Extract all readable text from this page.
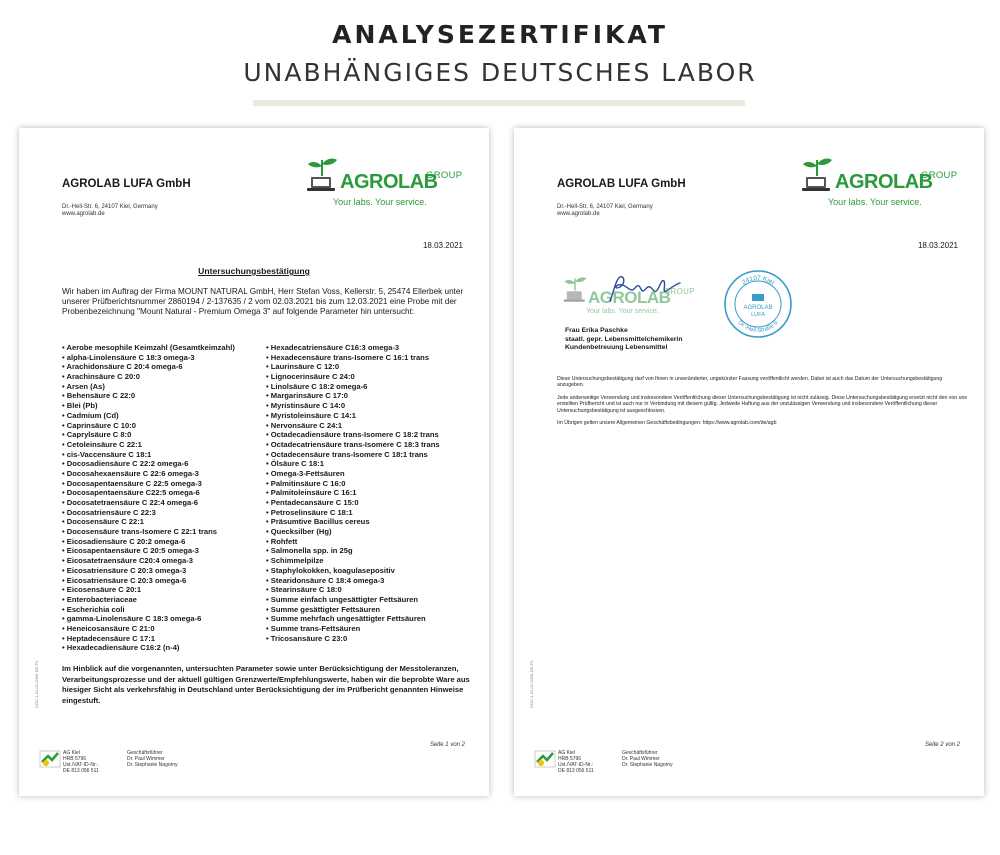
ANALYSEZERTIFIKAT
UNABHÄNGIGES DEUTSCHES LABOR
AGROLAB LUFA GmbH
Dr.-Hell-Str. 6, 24107 Kiel, Germany
www.agrolab.de
AGROLAB
GROUP
Your labs. Your service.
18.03.2021
Untersuchungsbestätigung
Wir haben im Auftrag der Firma MOUNT NATURAL GmbH, Herr Stefan Voss, Kellerstr. 5, 25474 Ellerbek unter unserer Prüfberichtsnummer 2860194 / 2-137635 / 2 vom 02.03.2021 bis zum 12.03.2021 eine Probe mit der Probenbezeichnung "Mount Natural - Premium Omega 3" auf folgende Parameter hin untersucht:
• Aerobe mesophile Keimzahl (Gesamtkeimzahl)
• alpha-Linolensäure C 18:3 omega-3
• Arachidonsäure C 20:4 omega-6
• Arachinsäure C 20:0
• Arsen (As)
• Behensäure C 22:0
• Blei (Pb)
• Cadmium (Cd)
• Caprinsäure C 10:0
• Caprylsäure C 8:0
• Cetoleinsäure C 22:1
• cis-Vaccensäure C 18:1
• Docosadiensäure C 22:2 omega-6
• Docosahexaensäure C 22:6 omega-3
• Docosapentaensäure C 22:5 omega-3
• Docosapentaensäure C22:5 omega-6
• Docosatetraensäure C 22:4 omega-6
• Docosatriensäure C 22:3
• Docosensäure C 22:1
• Docosensäure trans-Isomere C 22:1 trans
• Eicosadiensäure C 20:2 omega-6
• Eicosapentaensäure C 20:5 omega-3
• Eicosatetraensäure C20:4 omega-3
• Eicosatriensäure C 20:3 omega-3
• Eicosatriensäure C 20:3 omega-6
• Eicosensäure C 20:1
• Enterobacteriaceae
• Escherichia coli
• gamma-Linolensäure C 18:3 omega-6
• Heneicosansäure C 21:0
• Heptadecensäure C 17:1
• Hexadecadiensäure C16:2 (n-4)
• Hexadecatriensäure C16:3 omega-3
• Hexadecensäure trans-Isomere C 16:1 trans
• Laurinsäure C 12:0
• Lignocerinsäure C 24:0
• Linolsäure C 18:2 omega-6
• Margarinsäure C 17:0
• Myristinsäure C 14:0
• Myristoleinsäure C 14:1
• Nervonsäure C 24:1
• Octadecadiensäure trans-Isomere C 18:2 trans
• Octadecatriensäure trans-Isomere C 18:3 trans
• Octadecensäure trans-Isomere C 18:1 trans
• Ölsäure C 18:1
• Omega-3-Fettsäuren
• Palmitinsäure C 16:0
• Palmitoleinsäure C 16:1
• Pentadecansäure C 15:0
• Petroselinsäure C 18:1
• Präsumtive Bacillus cereus
• Quecksilber (Hg)
• Rohfett
• Salmonella spp. in 25g
• Schimmelpilze
• Staphylokokken, koagulasepositiv
• Stearidonsäure C 18:4 omega-3
• Stearinsäure C 18:0
• Summe einfach ungesättigter Fettsäuren
• Summe gesättigter Fettsäuren
• Summe mehrfach ungesättigter Fettsäuren
• Summe trans-Fettsäuren
• Tricosansäure C 23:0
Im Hinblick auf die vorgenannten, untersuchten Parameter sowie unter Berücksichtigung der Messtoleranzen, Verarbeitungsprozesse und der aktuell gültigen Grenzwerte/Empfehlungswerte, haben wir die beprobte Ware aus hiesiger Sicht als verkehrsfähig in Deutschland unter Berücksichtigung der im Prüfbericht genannten Hinweise eingestuft.
DOC-1-01-01-0458-DE-P1
AG Kiel
HRB 5796
Ust./VAT-ID-Nr.:
DE 813 056 511
Geschäftsführer
Dr. Paul Wimmer
Dr. Stephanie Nagorny
Seite 1 von 2
AGROLAB LUFA GmbH
Dr.-Hell-Str. 6, 24107 Kiel, Germany
www.agrolab.de
AGROLAB
GROUP
Your labs. Your service.
18.03.2021
AGROLAB
GROUP
Your labs. Your service.
24107 Kiel
Dr.-Hell-Straße 6
AGROLAB
LUFA
Frau Erika Paschke
staatl. gepr. Lebensmittelchemikerin
Kundenbetreuung Lebensmittel

Diese Untersuchungsbestätigung darf von Ihnen in unveränderter, ungekürzter Fassung veröffentlicht werden. Dabei ist auch das Datum der Untersuchungsbestätigung anzugeben.

Jede anderweitige Verwendung und insbesondere Veröffentlichung dieser Untersuchungsbestätigung ist nicht zulässig. Diese Untersuchungsbestätigung ersetzt nicht den von uns erstellten Prüfbericht und ist auch nur in Verbindung mit diesem gültig. Jedwede Haftung aus der unzulässigen Verwendung und insbesondere Veröffentlichung dieser Untersuchungsbestätigung ist ausgeschlossen.

Im Übrigen gelten unsere Allgemeinen Geschäftsbedingungen: https://www.agrolab.com/de/agb

DOC-1-01-01-0458-DE-P1
AG Kiel
HRB 5796
Ust./VAT-ID-Nr.:
DE 813 056 511
Geschäftsführer
Dr. Paul Wimmer
Dr. Stephanie Nagorny
Seite 2 von 2
